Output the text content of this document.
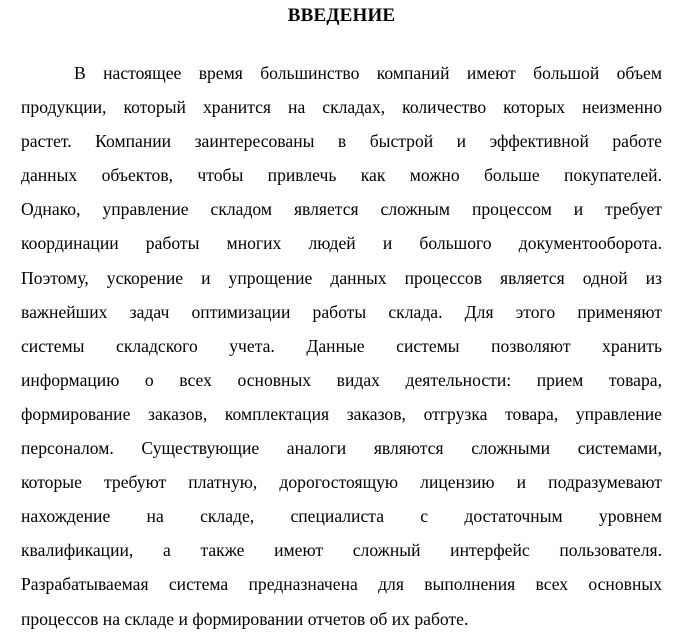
ВВЕДЕНИЕ

В настоящее время большинство компаний имеют большой объем
продукции, который хранится на складах, количество которых неизменно
растет. Компании заинтересованы в быстрой и эффективной работе
данных объектов, чтобы привлечь как можно больше покупателей.
Однако, управление складом является сложным процессом и требует
координации работы многих людей и большого документооборота.
Поэтому, ускорение и упрощение данных процессов является одной из
важнейших задач оптимизации работы склада. Для этого применяют
системы складского учета. Данные системы позволяют хранить
информацию о всех основных видах деятельности: прием товара,
формирование заказов, комплектация заказов, отгрузка товара, управление
персоналом. Существующие аналоги являются сложными системами,
которые требуют платную, дорогостоящую лицензию и подразумевают
нахождение на складе, специалиста с достаточным уровнем
квалификации, а также имеют сложный интерфейс пользователя.
Разрабатываемая система предназначена для выполнения всех основных
процессов на складе и формировании отчетов об их работе.
